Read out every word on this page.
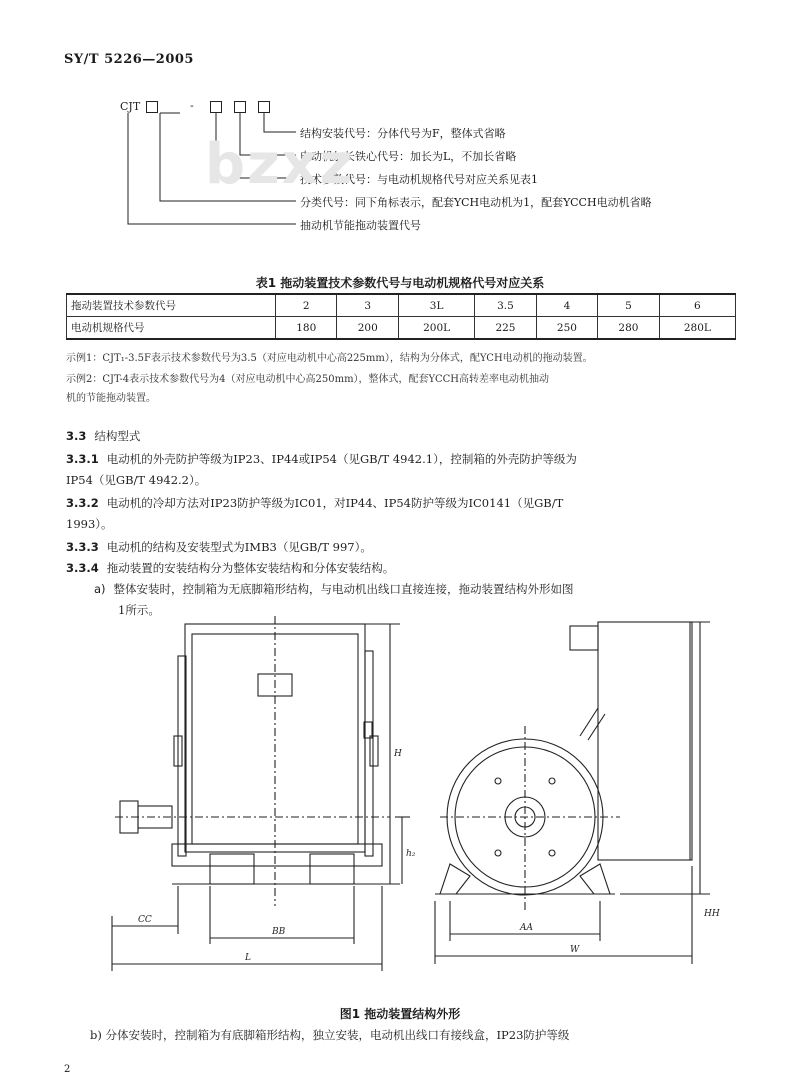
SY/T 5226—2005
CJT	-
结构安装代号：分体代号为F，整体式省略
电动机加长铁心代号：加长为L，不加长省略
技术参数代号：与电动机规格代号对应关系见表1
分类代号：同下角标表示，配套YCH电动机为1，配套YCCH电动机省略
抽动机节能拖动装置代号
bzxz
表1 拖动装置技术参数代号与电动机规格代号对应关系
拖动装置技术参数代号	2	3	3L	3.5	4	5	6
电动机规格代号	180	200	200L	225	250	280	280L
示例1：CJT₁-3.5F表示技术参数代号为3.5（对应电动机中心高225mm），结构为分体式，配YCH电动机的拖动装置。
示例2：CJT-4表示技术参数代号为4（对应电动机中心高250mm），整体式，配套YCCH高转差率电动机抽动
机的节能拖动装置。
3.3 结构型式
3.3.1 电动机的外壳防护等级为IP23、IP44或IP54（见GB/T 4942.1），控制箱的外壳防护等级为
IP54（见GB/T 4942.2）。
3.3.2 电动机的冷却方法对IP23防护等级为IC01，对IP44、IP54防护等级为IC0141（见GB/T
1993）。
3.3.3 电动机的结构及安装型式为IMB3（见GB/T 997）。
3.3.4 拖动装置的安装结构分为整体安装结构和分体安装结构。
a) 整体安装时，控制箱为无底脚箱形结构，与电动机出线口直接连接，拖动装置结构外形如图
1所示。
CC
BB
L
H
h₂
HH
AA
W
图1 拖动装置结构外形
b) 分体安装时，控制箱为有底脚箱形结构，独立安装，电动机出线口有接线盒，IP23防护等级
2
